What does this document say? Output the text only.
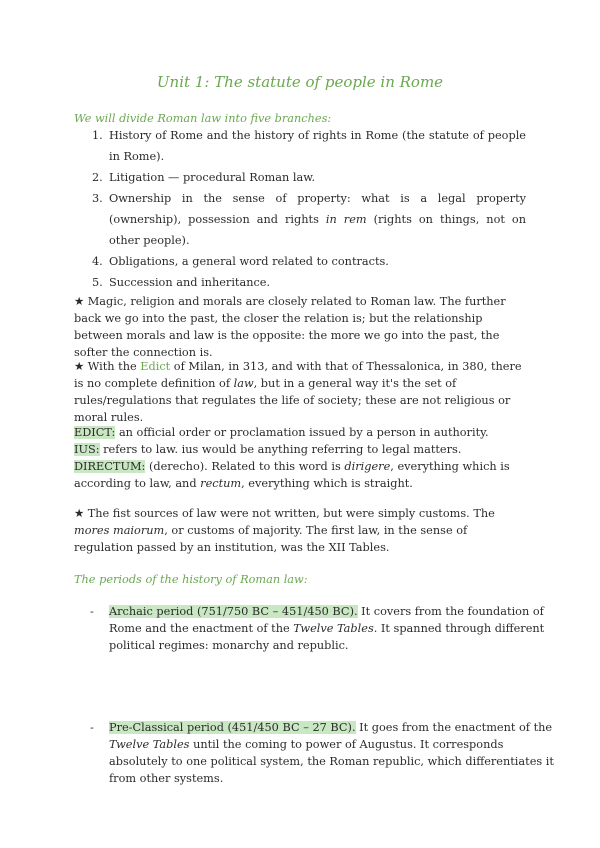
Unit 1: The statute of people in Rome
We will divide Roman law into five branches:
1. History of Rome and the history of rights in Rome (the statute of people in Rome).
2. Litigation — procedural Roman law.
3. Ownership in the sense of property: what is a legal property (ownership), possession and rights in rem (rights on things, not on other people).
4. Obligations, a general word related to contracts.
5. Succession and inheritance.

★ Magic, religion and morals are closely related to Roman law. The further back we go into the past, the closer the relation is; but the relationship between morals and law is the opposite: the more we go into the past, the softer the connection is.

★ With the Edict of Milan, in 313, and with that of Thessalonica, in 380, there is no complete definition of law, but in a general way it's the set of rules/regulations that regulates the life of society; these are not religious or moral rules.

EDICT: an official order or proclamation issued by a person in authority.

IUS: refers to law. ius would be anything referring to legal matters.

DIRECTUM: (derecho). Related to this word is dirigere, everything which is according to law, and rectum, everything which is straight.

★ The fist sources of law were not written, but were simply customs. The mores maiorum, or customs of majority. The first law, in the sense of regulation passed by an institution, was the XII Tables.

The periods of the history of Roman law:
- Archaic period (751/750 BC – 451/450 BC). It covers from the foundation of Rome and the enactment of the Twelve Tables. It spanned through different political regimes: monarchy and republic.
- Pre-Classical period (451/450 BC – 27 BC). It goes from the enactment of the Twelve Tables until the coming to power of Augustus. It corresponds absolutely to one political system, the Roman republic, which differentiates it from other systems.
